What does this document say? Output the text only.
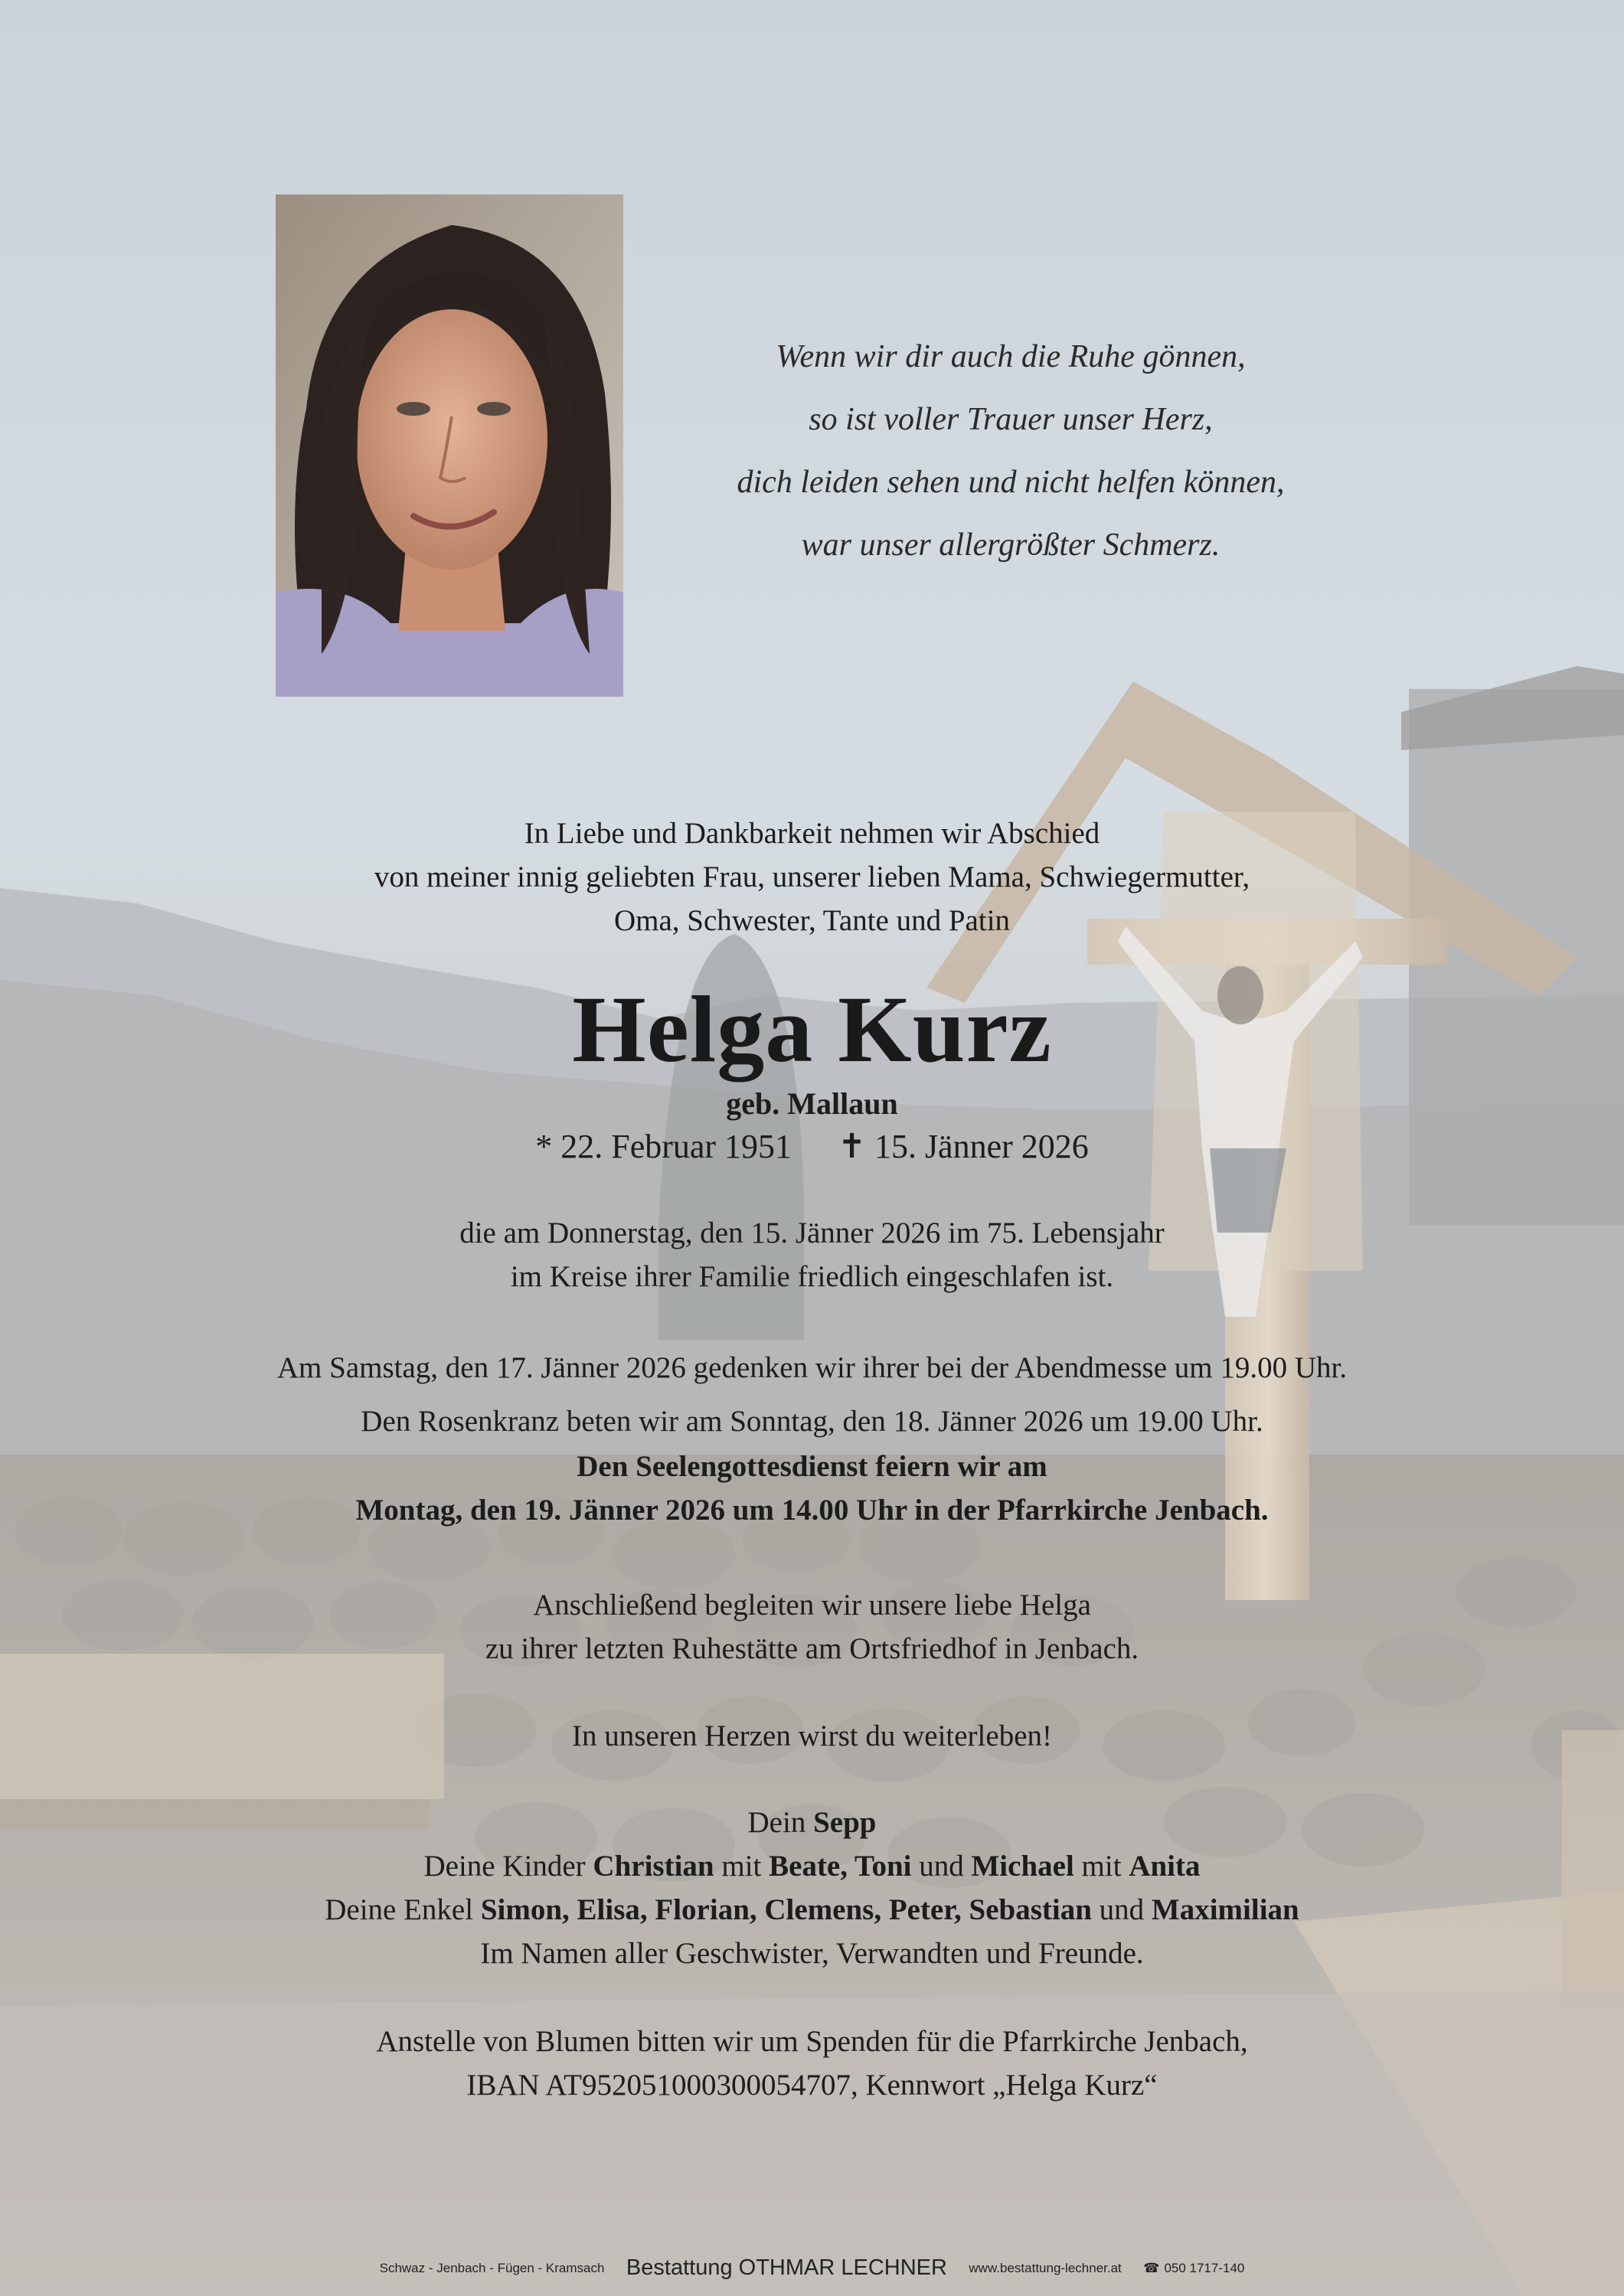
Wenn wir dir auch die Ruhe gönnen,
so ist voller Trauer unser Herz,
dich leiden sehen und nicht helfen können,
war unser allergrößter Schmerz.
In Liebe und Dankbarkeit nehmen wir Abschied
von meiner innig geliebten Frau, unserer lieben Mama, Schwiegermutter,
Oma, Schwester, Tante und Patin
Helga Kurz
geb. Mallaun
* 22. Februar 1951 ✝ 15. Jänner 2026
die am Donnerstag, den 15. Jänner 2026 im 75. Lebensjahr
im Kreise ihrer Familie friedlich eingeschlafen ist.
Am Samstag, den 17. Jänner 2026 gedenken wir ihrer bei der Abendmesse um 19.00 Uhr.
Den Rosenkranz beten wir am Sonntag, den 18. Jänner 2026 um 19.00 Uhr.
Den Seelengottesdienst feiern wir am
Montag, den 19. Jänner 2026 um 14.00 Uhr in der Pfarrkirche Jenbach.
Anschließend begleiten wir unsere liebe Helga
zu ihrer letzten Ruhestätte am Ortsfriedhof in Jenbach.
In unseren Herzen wirst du weiterleben!
Dein Sepp
Deine Kinder Christian mit Beate, Toni und Michael mit Anita
Deine Enkel Simon, Elisa, Florian, Clemens, Peter, Sebastian und Maximilian
Im Namen aller Geschwister, Verwandten und Freunde.
Anstelle von Blumen bitten wir um Spenden für die Pfarrkirche Jenbach,
IBAN AT952051000300054707, Kennwort „Helga Kurz“
Schwaz - Jenbach - Fügen - Kramsach Bestattung OTHMAR LECHNER www.bestattung-lechner.at ☎ 050 1717-140
